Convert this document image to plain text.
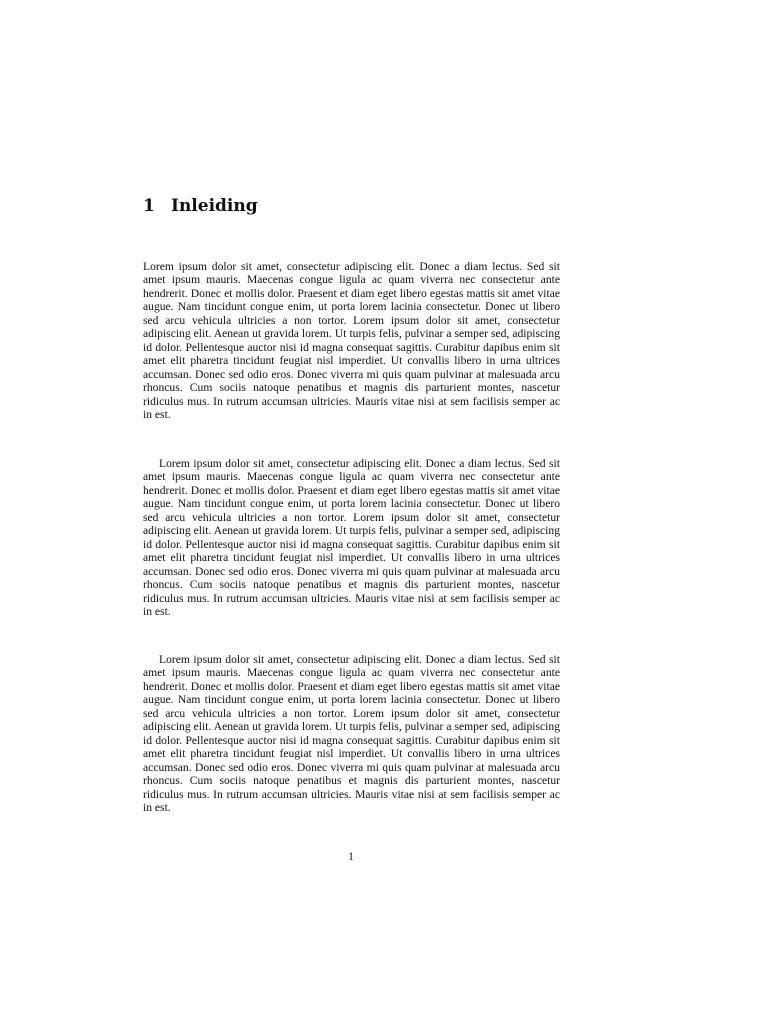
1 Inleiding

Lorem ipsum dolor sit amet, consectetur adipiscing elit. Donec a diam lectus. Sed sit amet ipsum mauris. Maecenas congue ligula ac quam viverra nec consectetur ante hendrerit. Donec et mollis dolor. Praesent et diam eget libero egestas mattis sit amet vitae augue. Nam tincidunt congue enim, ut porta lorem lacinia consectetur. Donec ut libero sed arcu vehicula ultricies a non tortor. Lorem ipsum dolor sit amet, consectetur adipiscing elit. Aenean ut gravida lorem. Ut turpis felis, pulvinar a semper sed, adipiscing id dolor. Pellentesque auctor nisi id magna consequat sagittis. Curabitur dapibus enim sit amet elit pharetra tincidunt feugiat nisl imperdiet. Ut convallis libero in urna ultrices accumsan. Donec sed odio eros. Donec viverra mi quis quam pulvinar at malesuada arcu rhoncus. Cum sociis natoque penatibus et magnis dis parturient montes, nascetur ridiculus mus. In rutrum accumsan ultricies. Mauris vitae nisi at sem facilisis semper ac in est.

Lorem ipsum dolor sit amet, consectetur adipiscing elit. Donec a diam lectus. Sed sit amet ipsum mauris. Maecenas congue ligula ac quam viverra nec consectetur ante hendrerit. Donec et mollis dolor. Praesent et diam eget libero egestas mattis sit amet vitae augue. Nam tincidunt congue enim, ut porta lorem lacinia consectetur. Donec ut libero sed arcu vehicula ultricies a non tortor. Lorem ipsum dolor sit amet, consectetur adipiscing elit. Aenean ut gravida lorem. Ut turpis felis, pulvinar a semper sed, adipiscing id dolor. Pellentesque auctor nisi id magna consequat sagittis. Curabitur dapibus enim sit amet elit pharetra tincidunt feugiat nisl imperdiet. Ut convallis libero in urna ultrices accumsan. Donec sed odio eros. Donec viverra mi quis quam pulvinar at malesuada arcu rhoncus. Cum sociis natoque penatibus et magnis dis parturient montes, nascetur ridiculus mus. In rutrum accumsan ultricies. Mauris vitae nisi at sem facilisis semper ac in est.

Lorem ipsum dolor sit amet, consectetur adipiscing elit. Donec a diam lectus. Sed sit amet ipsum mauris. Maecenas congue ligula ac quam viverra nec consectetur ante hendrerit. Donec et mollis dolor. Praesent et diam eget libero egestas mattis sit amet vitae augue. Nam tincidunt congue enim, ut porta lorem lacinia consectetur. Donec ut libero sed arcu vehicula ultricies a non tortor. Lorem ipsum dolor sit amet, consectetur adipiscing elit. Aenean ut gravida lorem. Ut turpis felis, pulvinar a semper sed, adipiscing id dolor. Pellentesque auctor nisi id magna consequat sagittis. Curabitur dapibus enim sit amet elit pharetra tincidunt feugiat nisl imperdiet. Ut convallis libero in urna ultrices accumsan. Donec sed odio eros. Donec viverra mi quis quam pulvinar at malesuada arcu rhoncus. Cum sociis natoque penatibus et magnis dis parturient montes, nascetur ridiculus mus. In rutrum accumsan ultricies. Mauris vitae nisi at sem facilisis semper ac in est.

1
